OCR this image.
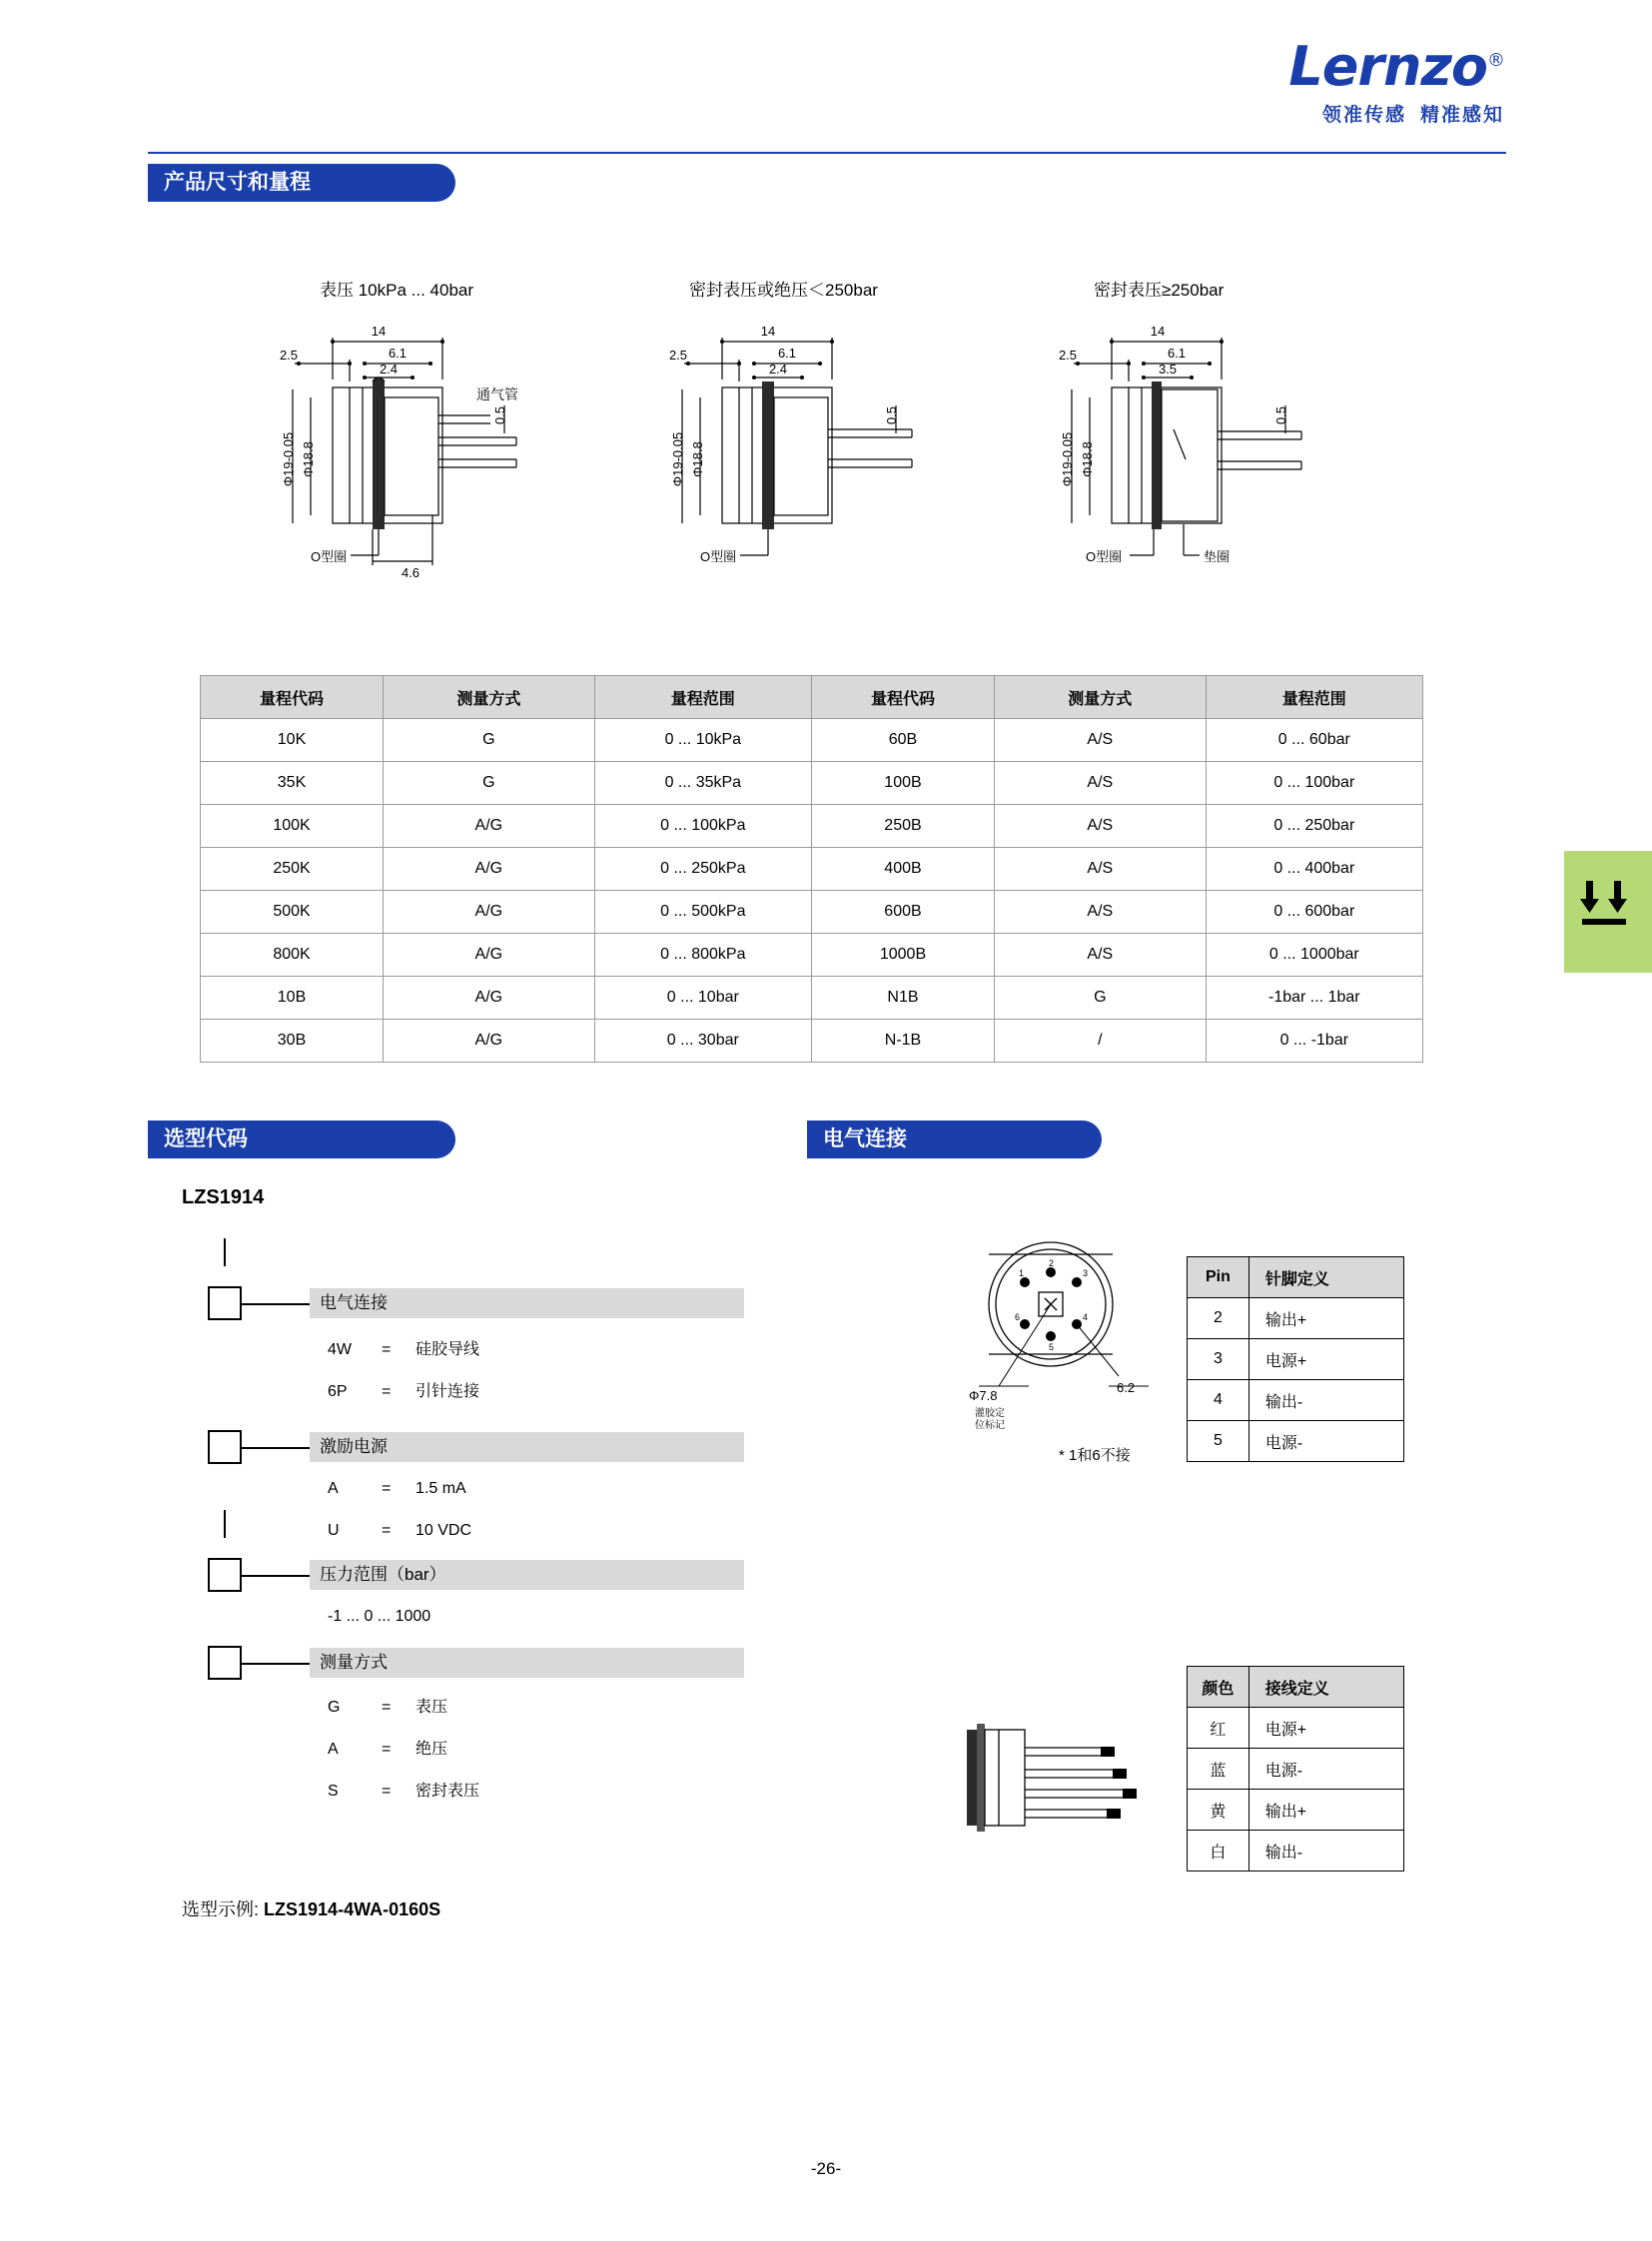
Lernzo®
领准传感 精准感知
产品尺寸和量程
表压 10kPa ... 40bar	密封表压或绝压＜250bar	密封表压≥250bar
14
2.5	6.1
2.4
0.5
4.6
Φ19-0.05 Φ18.8
通气管
O型圈
14
2.5	6.1
2.4
0.5
Φ19-0.05 Φ18.8
O型圈
14
2.5	6.1
3.5
0.5
Φ19-0.05 Φ18.8
O型圈	垫圈
量程代码	测量方式	量程范围	量程代码	测量方式	量程范围
10K	G	0 ... 10kPa	60B	A/S	0 ... 60bar
35K	G	0 ... 35kPa	100B	A/S	0 ... 100bar
100K	A/G	0 ... 100kPa	250B	A/S	0 ... 250bar
250K	A/G	0 ... 250kPa	400B	A/S	0 ... 400bar
500K	A/G	0 ... 500kPa	600B	A/S	0 ... 600bar
800K	A/G	0 ... 800kPa	1000B	A/S	0 ... 1000bar
10B	A/G	0 ... 10bar	N1B	G	-1bar ... 1bar
30B	A/G	0 ... 30bar	N-1B	/	0 ... -1bar
选型代码	电气连接
LZS1914
电气连接
4W = 硅胶导线
6P = 引针连接
激励电源
A	= 1.5 mA
U	= 10 VDC
压力范围（bar）
-1 ... 0 ... 1000
测量方式
G	= 表压
A	= 绝压
S	= 密封表压
选型示例: LZS1914-4WA-0160S
1
2
3
4
5
6
Φ7.8
6.2
灌胶定
位标记
Pin	针脚定义
2	输出+
3	电源+
4	输出-
5	电源-
* 1和6不接
颜色	接线定义
红	电源+
蓝	电源-
黄	输出+
白	输出-
-26-
